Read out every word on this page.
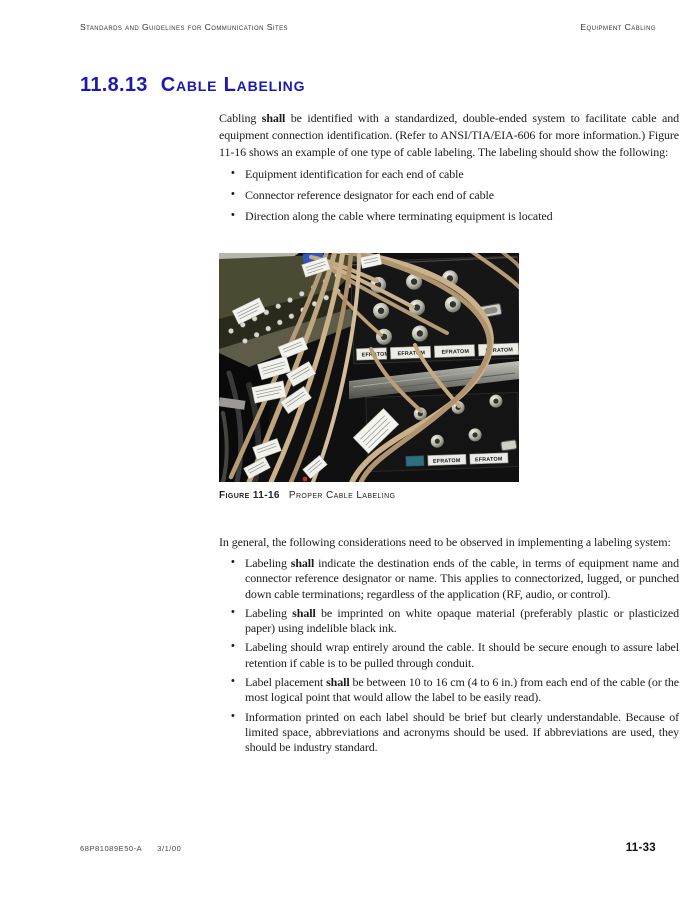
Standards and Guidelines for Communication Sites	Equipment Cabling
11.8.13 Cable Labeling

Cabling shall be identified with a standardized, double-ended system to facilitate cable and equipment connection identification. (Refer to ANSI/TIA/EIA-606 for more information.) Figure 11-16 shows an example of one type of cable labeling. The labeling should show the following:

• Equipment identification for each end of cable
• Connector reference designator for each end of cable
• Direction along the cable where terminating equipment is located
EFRATOM EFRATOM	EFRATOM	EFRATOM
EFRATOM	EFRATOM
Figure 11-16 Proper Cable Labeling

In general, the following considerations need to be observed in implementing a labeling system:

• Labeling shall indicate the destination ends of the cable, in terms of equipment name and connector reference designator or name. This applies to connectorized, lugged, or punched down cable terminations; regardless of the application (RF, audio, or control).
• Labeling shall be imprinted on white opaque material (preferably plastic or plasticized paper) using indelible black ink.
• Labeling should wrap entirely around the cable. It should be secure enough to assure label retention if cable is to be pulled through conduit.
• Label placement shall be between 10 to 16 cm (4 to 6 in.) from each end of the cable (or the most logical point that would allow the label to be easily read).
• Information printed on each label should be brief but clearly understandable. Because of limited space, abbreviations and acronyms should be used. If abbreviations are used, they should be industry standard.
68P81089E50-A 3/1/00	11-33
